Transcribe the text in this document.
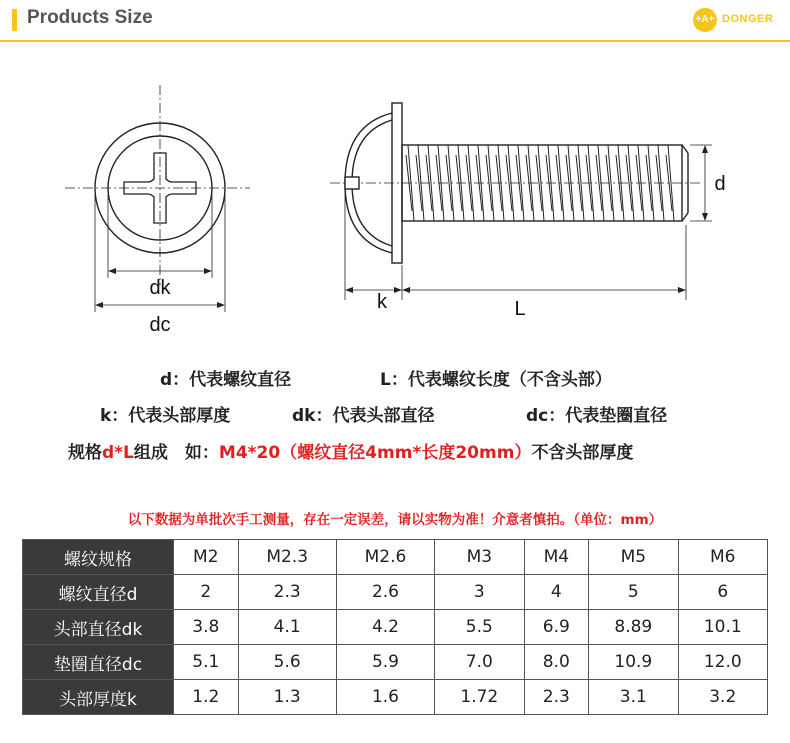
Products Size	+A+ DONGER
dk
dc
k	L
d
d：代表螺纹直径	L：代表螺纹长度（不含头部）
k：代表头部厚度	dk：代表头部直径	dc：代表垫圈直径
规格d*L组成　如：M4*20（螺纹直径4mm*长度20mm）不含头部厚度
以下数据为单批次手工测量，存在一定误差，请以实物为准！介意者慎拍。（单位：mm）
螺纹规格	M2	M2.3	M2.6	M3	M4	M5	M6
螺纹直径d	2	2.3	2.6	3	4	5	6
头部直径dk	3.8	4.1	4.2	5.5	6.9	8.89	10.1
垫圈直径dc	5.1	5.6	5.9	7.0	8.0	10.9	12.0
头部厚度k	1.2	1.3	1.6	1.72	2.3	3.1	3.2
